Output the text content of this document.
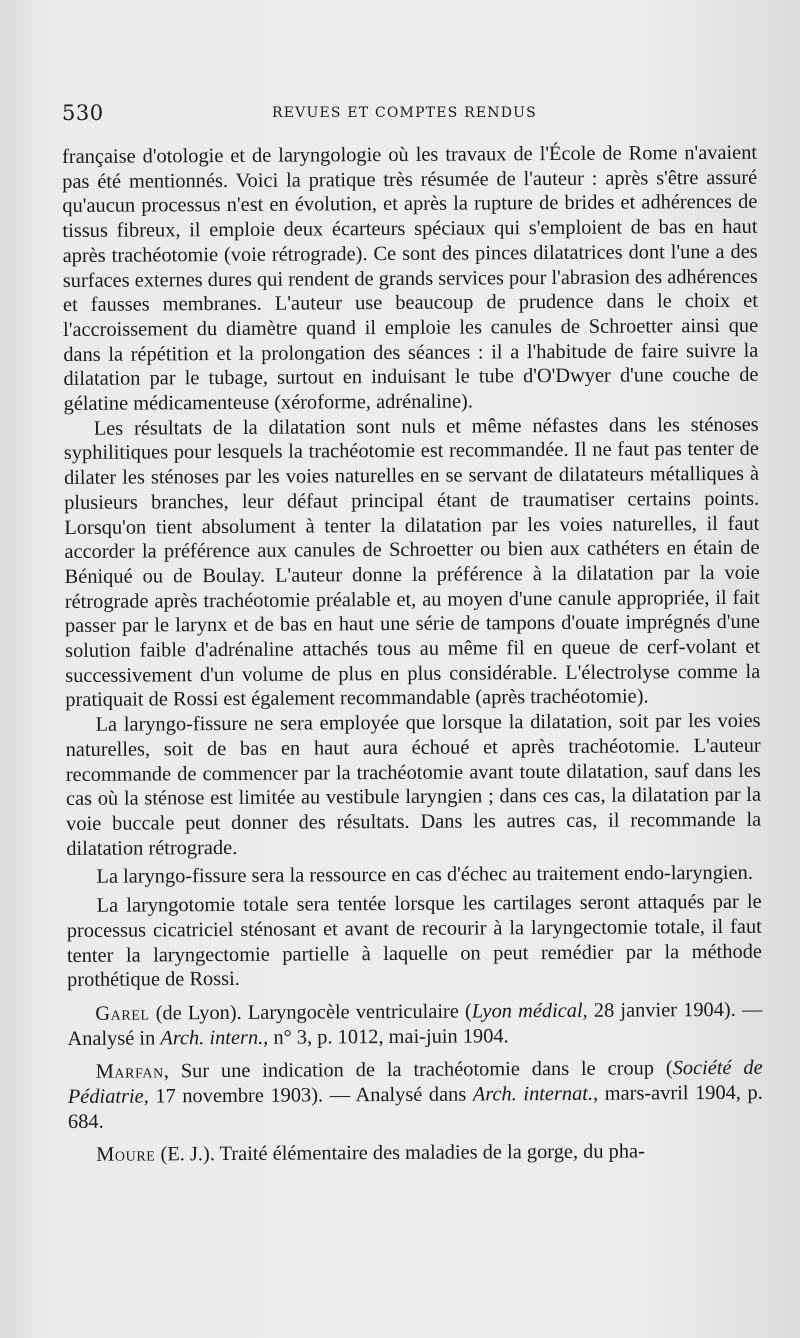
530	REVUES ET COMPTES RENDUS

française d'otologie et de laryngologie où les travaux de l'École de Rome n'avaient pas été mentionnés. Voici la pratique très résumée de l'auteur : après s'être assuré qu'aucun processus n'est en évolution, et après la rupture de brides et adhérences de tissus fibreux, il emploie deux écarteurs spéciaux qui s'emploient de bas en haut après trachéotomie (voie rétrograde). Ce sont des pinces dilatatrices dont l'une a des surfaces externes dures qui rendent de grands services pour l'abrasion des adhérences et fausses membranes. L'auteur use beaucoup de prudence dans le choix et l'accroissement du diamètre quand il emploie les canules de Schroetter ainsi que dans la répétition et la prolongation des séances : il a l'habitude de faire suivre la dilatation par le tubage, surtout en induisant le tube d'O'Dwyer d'une couche de gélatine médicamenteuse (xéroforme, adrénaline).

Les résultats de la dilatation sont nuls et même néfastes dans les sténoses syphilitiques pour lesquels la trachéotomie est recommandée. Il ne faut pas tenter de dilater les sténoses par les voies naturelles en se servant de dilatateurs métalliques à plusieurs branches, leur défaut principal étant de traumatiser certains points. Lorsqu'on tient absolument à tenter la dilatation par les voies naturelles, il faut accorder la préférence aux canules de Schroetter ou bien aux cathéters en étain de Béniqué ou de Boulay. L'auteur donne la préférence à la dilatation par la voie rétrograde après trachéotomie préalable et, au moyen d'une canule appropriée, il fait passer par le larynx et de bas en haut une série de tampons d'ouate imprégnés d'une solution faible d'adrénaline attachés tous au même fil en queue de cerf-volant et successivement d'un volume de plus en plus considérable. L'électrolyse comme la pratiquait de Rossi est également recommandable (après trachéotomie).

La laryngo-fissure ne sera employée que lorsque la dilatation, soit par les voies naturelles, soit de bas en haut aura échoué et après trachéotomie. L'auteur recommande de commencer par la trachéotomie avant toute dilatation, sauf dans les cas où la sténose est limitée au vestibule laryngien ; dans ces cas, la dilatation par la voie buccale peut donner des résultats. Dans les autres cas, il recommande la dilatation rétrograde.

La laryngo-fissure sera la ressource en cas d'échec au traitement endo-laryngien.

La laryngotomie totale sera tentée lorsque les cartilages seront attaqués par le processus cicatriciel sténosant et avant de recourir à la laryngectomie totale, il faut tenter la laryngectomie partielle à laquelle on peut remédier par la méthode prothétique de Rossi.

Garel (de Lyon). Laryngocèle ventriculaire (Lyon médical, 28 janvier 1904). — Analysé in Arch. intern., n° 3, p. 1012, mai-juin 1904.

Marfan, Sur une indication de la trachéotomie dans le croup (Société de Pédiatrie, 17 novembre 1903). — Analysé dans Arch. internat., mars-avril 1904, p. 684.

Moure (E. J.). Traité élémentaire des maladies de la gorge, du pha-
